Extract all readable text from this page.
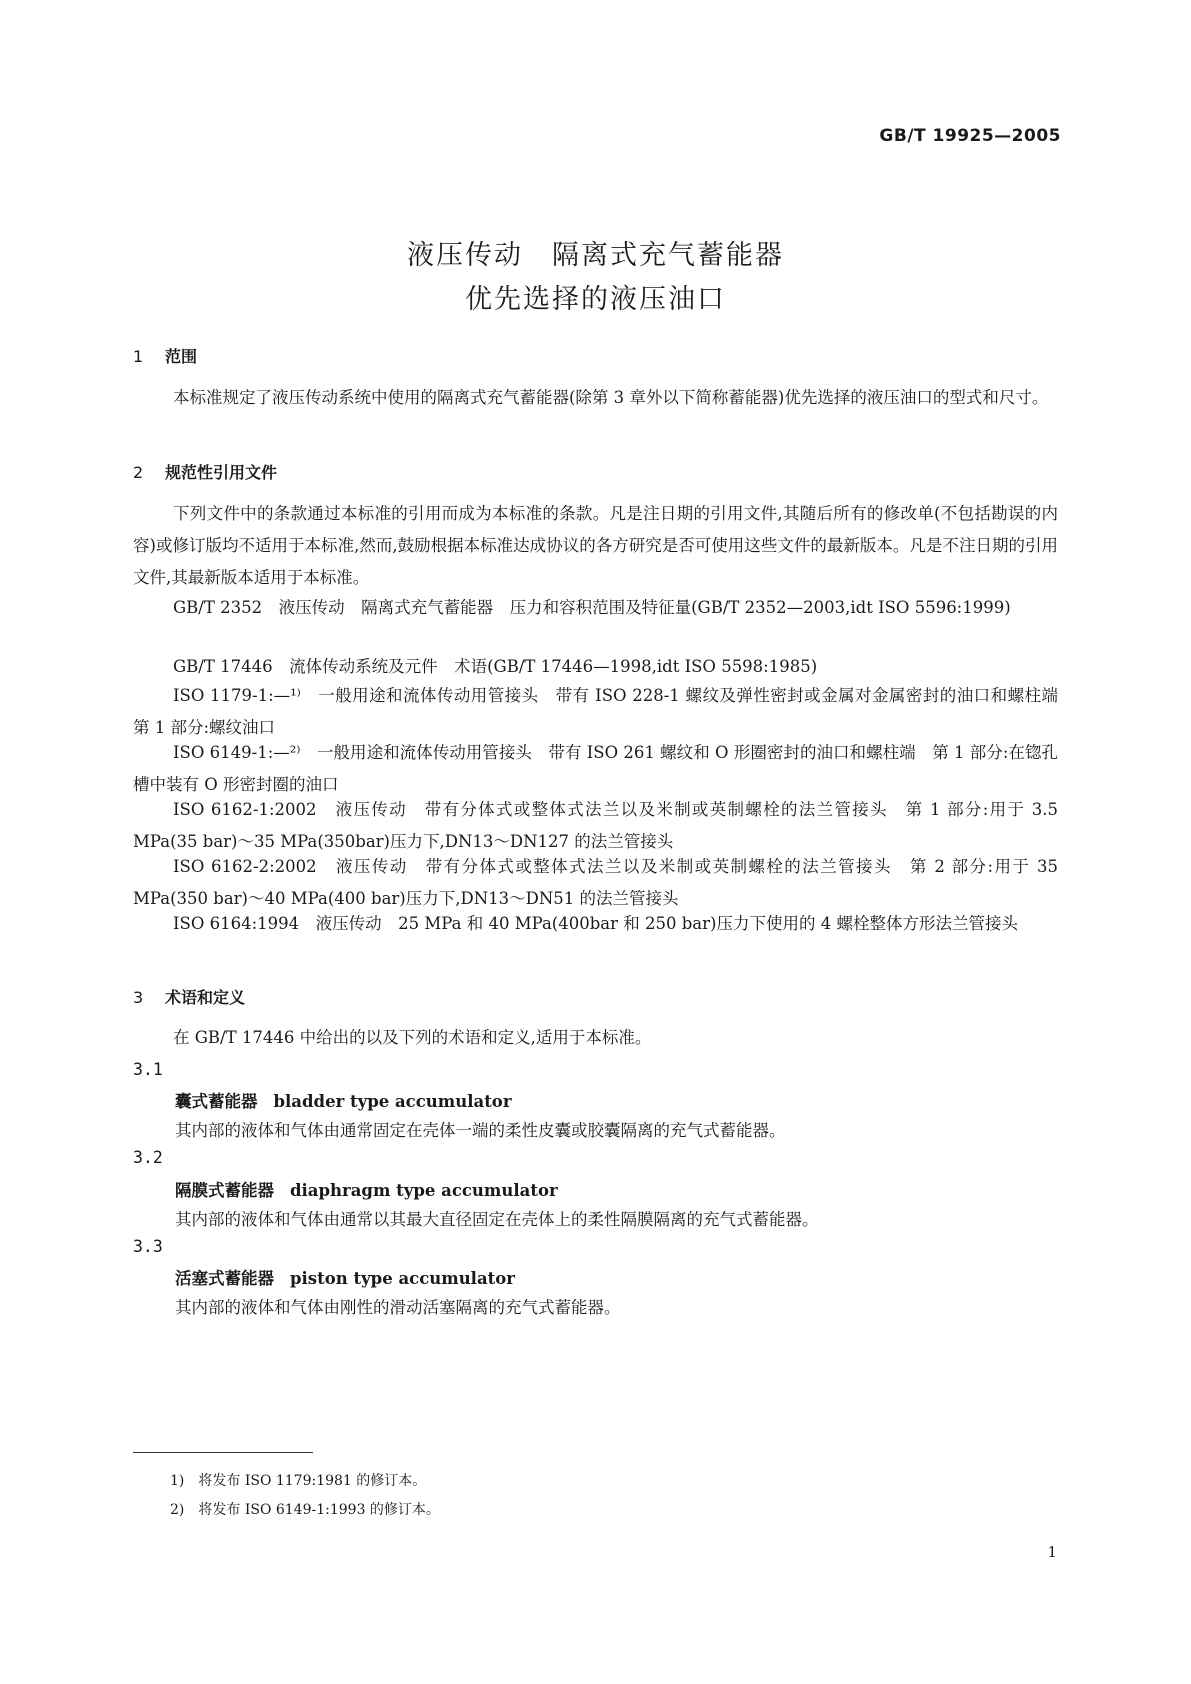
GB/T 19925—2005
液压传动　隔离式充气蓄能器
优先选择的液压油口
1 范围
本标准规定了液压传动系统中使用的隔离式充气蓄能器(除第 3 章外以下简称蓄能器)优先选择的液压油口的型式和尺寸。
2 规范性引用文件
下列文件中的条款通过本标准的引用而成为本标准的条款。凡是注日期的引用文件,其随后所有的修改单(不包括勘误的内容)或修订版均不适用于本标准,然而,鼓励根据本标准达成协议的各方研究是否可使用这些文件的最新版本。凡是不注日期的引用文件,其最新版本适用于本标准。
GB/T 2352　液压传动　隔离式充气蓄能器　压力和容积范围及特征量(GB/T 2352—2003,idt ISO 5596:1999)
GB/T 17446　流体传动系统及元件　术语(GB/T 17446—1998,idt ISO 5598:1985)
ISO 1179-1:—¹⁾　一般用途和流体传动用管接头　带有 ISO 228-1 螺纹及弹性密封或金属对金属密封的油口和螺柱端　第 1 部分:螺纹油口
ISO 6149-1:—²⁾　一般用途和流体传动用管接头　带有 ISO 261 螺纹和 O 形圈密封的油口和螺柱端　第 1 部分:在锪孔槽中装有 O 形密封圈的油口
ISO 6162-1:2002　液压传动　带有分体式或整体式法兰以及米制或英制螺栓的法兰管接头　第 1 部分:用于 3.5 MPa(35 bar)～35 MPa(350bar)压力下,DN13～DN127 的法兰管接头
ISO 6162-2:2002　液压传动　带有分体式或整体式法兰以及米制或英制螺栓的法兰管接头　第 2 部分:用于 35 MPa(350 bar)～40 MPa(400 bar)压力下,DN13～DN51 的法兰管接头
ISO 6164:1994　液压传动　25 MPa 和 40 MPa(400bar 和 250 bar)压力下使用的 4 螺栓整体方形法兰管接头
3 术语和定义
在 GB/T 17446 中给出的以及下列的术语和定义,适用于本标准。
3.1
囊式蓄能器 bladder type accumulator
其内部的液体和气体由通常固定在壳体一端的柔性皮囊或胶囊隔离的充气式蓄能器。
3.2
隔膜式蓄能器 diaphragm type accumulator
其内部的液体和气体由通常以其最大直径固定在壳体上的柔性隔膜隔离的充气式蓄能器。
3.3
活塞式蓄能器 piston type accumulator
其内部的液体和气体由刚性的滑动活塞隔离的充气式蓄能器。
1)　将发布 ISO 1179:1981 的修订本。
2)　将发布 ISO 6149-1:1993 的修订本。
1
